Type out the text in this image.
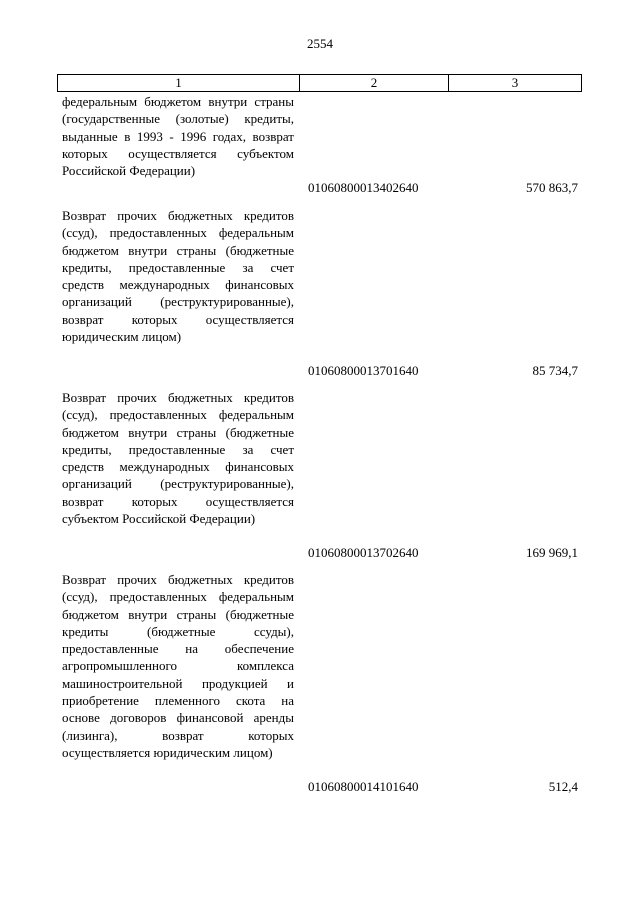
2554
1	2	3
федеральным бюджетом внутри страны (государственные (золотые) кредиты, выданные в 1993 - 1996 годах, возврат которых осуществляется субъектом Российской Федерации)
01060800013402640	570 863,7
Возврат прочих бюджетных кредитов (ссуд), предоставленных федеральным бюджетом внутри страны (бюджетные кредиты, предоставленные за счет средств международных финансовых организаций (реструктурированные), возврат которых осуществляется юридическим лицом)
01060800013701640	85 734,7
Возврат прочих бюджетных кредитов (ссуд), предоставленных федеральным бюджетом внутри страны (бюджетные кредиты, предоставленные за счет средств международных финансовых организаций (реструктурированные), возврат которых осуществляется субъектом Российской Федерации)
01060800013702640	169 969,1
Возврат прочих бюджетных кредитов (ссуд), предоставленных федеральным бюджетом внутри страны (бюджетные кредиты (бюджетные ссуды), предоставленные на обеспечение агропромышленного комплекса машиностроительной продукцией и приобретение племенного скота на основе договоров финансовой аренды (лизинга), возврат которых осуществляется юридическим лицом)
01060800014101640	512,4
